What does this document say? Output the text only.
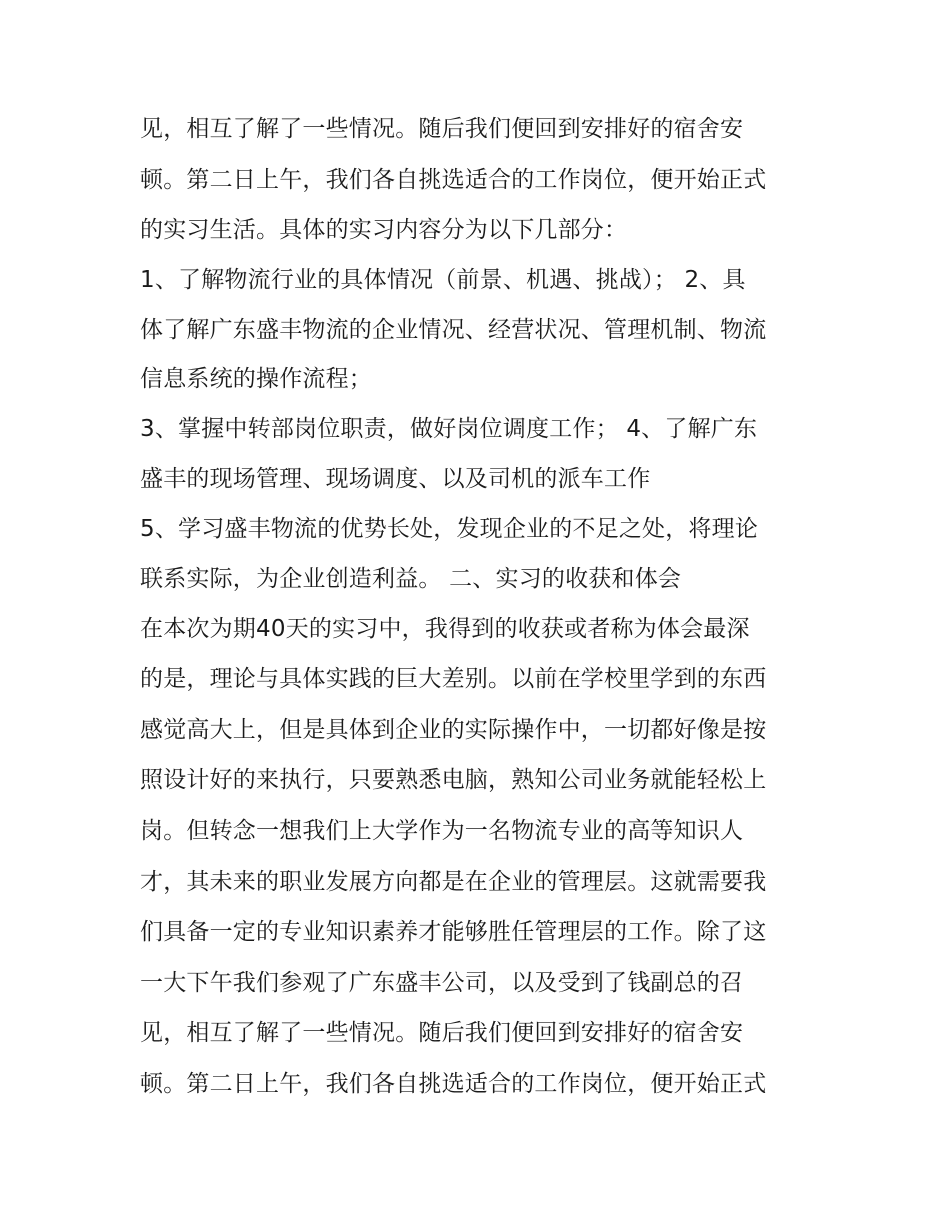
见，相互了解了一些情况。随后我们便回到安排好的宿舍安
顿。第二日上午，我们各自挑选适合的工作岗位，便开始正式
的实习生活。具体的实习内容分为以下几部分：
1、了解物流行业的具体情况（前景、机遇、挑战）； 2、具
体了解广东盛丰物流的企业情况、经营状况、管理机制、物流
信息系统的操作流程；
3、掌握中转部岗位职责，做好岗位调度工作； 4、了解广东
盛丰的现场管理、现场调度、以及司机的派车工作
5、学习盛丰物流的优势长处，发现企业的不足之处，将理论
联系实际，为企业创造利益。 二、实习的收获和体会
在本次为期40天的实习中，我得到的收获或者称为体会最深
的是，理论与具体实践的巨大差别。以前在学校里学到的东西
感觉高大上，但是具体到企业的实际操作中，一切都好像是按
照设计好的来执行，只要熟悉电脑，熟知公司业务就能轻松上
岗。但转念一想我们上大学作为一名物流专业的高等知识人
才，其未来的职业发展方向都是在企业的管理层。这就需要我
们具备一定的专业知识素养才能够胜任管理层的工作。除了这
一大下午我们参观了广东盛丰公司，以及受到了钱副总的召
见，相互了解了一些情况。随后我们便回到安排好的宿舍安
顿。第二日上午，我们各自挑选适合的工作岗位，便开始正式
